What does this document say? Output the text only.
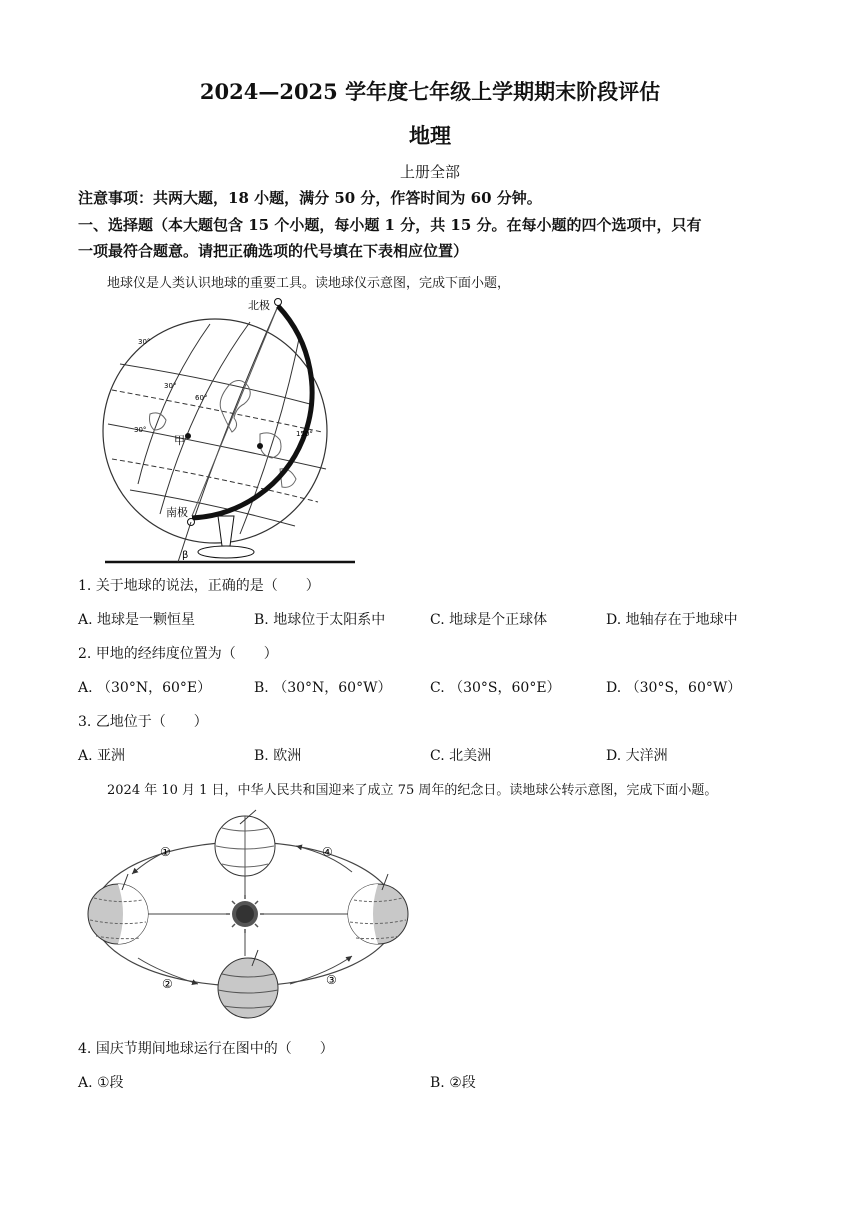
2024—2025 学年度七年级上学期期末阶段评估
地理
上册全部
注意事项：共两大题，18 小题，满分 50 分，作答时间为 60 分钟。
一、选择题（本大题包含 15 个小题，每小题 1 分，共 15 分。在每小题的四个选项中，只有
一项最符合题意。请把正确选项的代号填在下表相应位置）
地球仪是人类认识地球的重要工具。读地球仪示意图，完成下面小题，
北极
南极
甲
β
30°
30°
30°
60°
150°
1. 关于地球的说法，正确的是（　　）
A. 地球是一颗恒星	B. 地球位于太阳系中	C. 地球是个正球体	D. 地轴存在于地球中
2. 甲地的经纬度位置为（　　）
A. （30°N，60°E）	B. （30°N，60°W）	C. （30°S，60°E）	D. （30°S，60°W）
3. 乙地位于（　　）
A. 亚洲	B. 欧洲	C. 北美洲	D. 大洋洲
2024 年 10 月 1 日，中华人民共和国迎来了成立 75 周年的纪念日。读地球公转示意图，完成下面小题。
①
②	③
④
4. 国庆节期间地球运行在图中的（　　）
A. ①段	B. ②段
